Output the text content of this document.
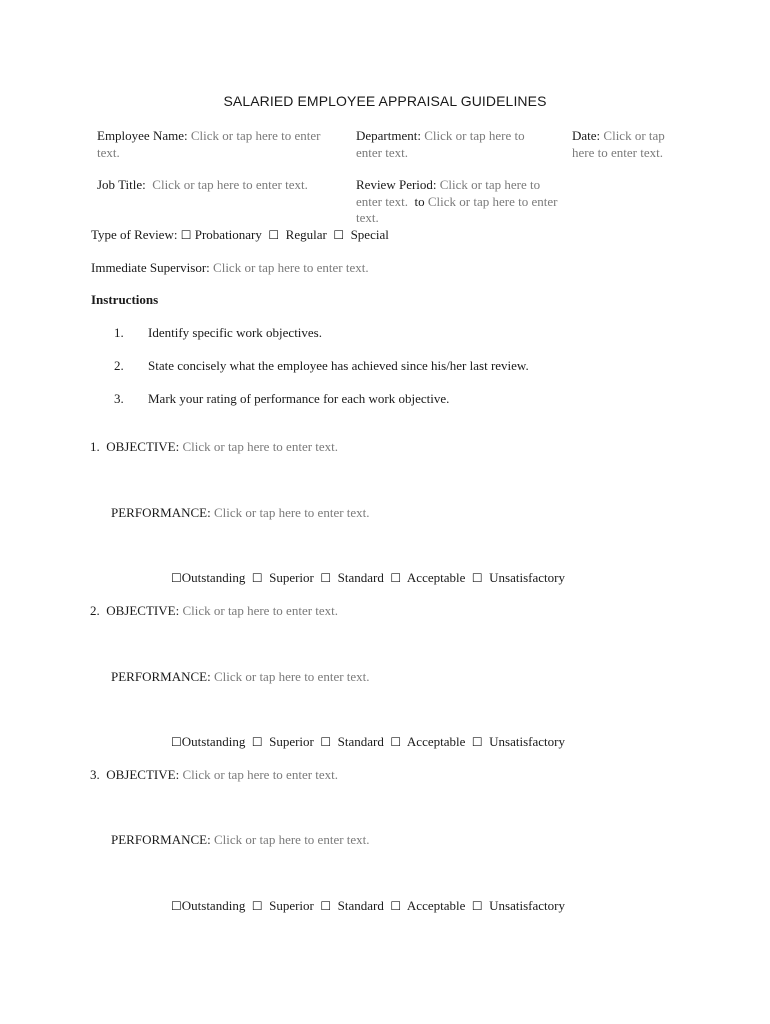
SALARIED EMPLOYEE APPRAISAL GUIDELINES
Employee Name: Click or tap here to enter text.
Department: Click or tap here to enter text.
Date: Click or tap here to enter text.
Job Title: Click or tap here to enter text.	Review Period: Click or tap here to enter text. to Click or tap here to enter text.
Type of Review: ☐ Probationary ☐ Regular ☐ Special
Immediate Supervisor: Click or tap here to enter text.
Instructions
1. Identify specific work objectives.
2. State concisely what the employee has achieved since his/her last review.
3. Mark your rating of performance for each work objective.
1. OBJECTIVE: Click or tap here to enter text.
PERFORMANCE: Click or tap here to enter text.
☐Outstanding ☐ Superior ☐ Standard ☐ Acceptable ☐ Unsatisfactory
2. OBJECTIVE: Click or tap here to enter text.
PERFORMANCE: Click or tap here to enter text.
☐Outstanding ☐ Superior ☐ Standard ☐ Acceptable ☐ Unsatisfactory
3. OBJECTIVE: Click or tap here to enter text.
PERFORMANCE: Click or tap here to enter text.
☐Outstanding ☐ Superior ☐ Standard ☐ Acceptable ☐ Unsatisfactory
